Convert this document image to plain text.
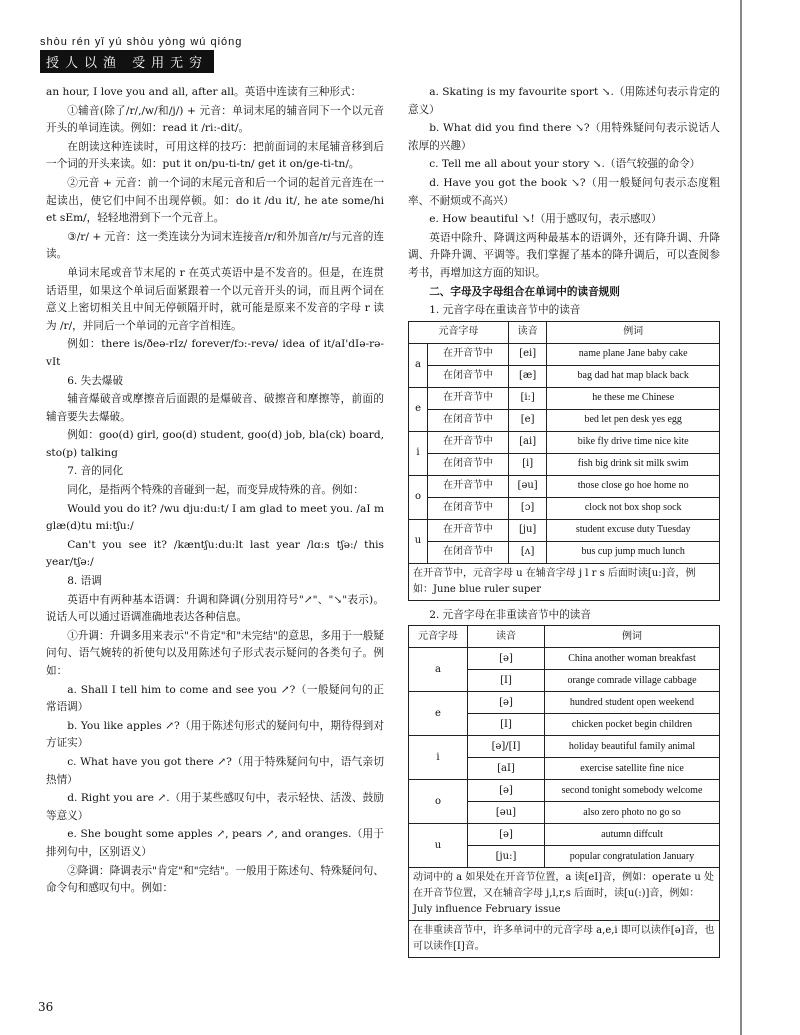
shòu rén yǐ yú shòu yòng wú qióng
授人以渔 受用无穷

an hour, I love you and all, after all。英语中连读有三种形式：

①辅音(除了/r/,/w/和/j/) + 元音：单词末尾的辅音同下一个以元音开头的单词连读。例如：read it /ri:-dit/。

在朗读这种连读时，可用这样的技巧：把前面词的末尾辅音移到后一个词的开头来读。如：put it on/pu-ti-tn/ get it on/ge-ti-tn/。

②元音 + 元音：前一个词的末尾元音和后一个词的起首元音连在一起读出，使它们中间不出现停顿。如：do it /du it/, he ate some/hi et sEm/，轻轻地滑到下一个元音上。

③/r/ + 元音：这一类连读分为词末连接音/r/和外加音/r/与元音的连读。

单词末尾或音节末尾的 r 在英式英语中是不发音的。但是，在连贯话语里，如果这个单词后面紧跟着一个以元音开头的词，而且两个词在意义上密切相关且中间无停顿隔开时，就可能是原来不发音的字母 r 读为 /r/，并同后一个单词的元音字首相连。

例如：there is/ðeə-rIz/ forever/fɔ:-revə/ idea of it/aI'dIə-rə-vIt

6. 失去爆破

辅音爆破音或摩擦音后面跟的是爆破音、破擦音和摩擦等，前面的辅音要失去爆破。

例如：goo(d) girl, goo(d) student, goo(d) job, bla(ck) board, sto(p) talking

7. 音的同化

同化，是指两个特殊的音碰到一起，而变异成特殊的音。例如：

Would you do it? /wu dju:du:t/ I am glad to meet you. /aI m glæ(d)tu mi:tʃu:/

Can't you see it? /kæntʃu:du:lt last year /lɑ:s tʃə:/ this year/tʃə:/

8. 语调

英语中有两种基本语调：升调和降调(分别用符号"↗"、"↘"表示)。说话人可以通过语调准确地表达各种信息。

①升调：升调多用来表示"不肯定"和"未完结"的意思，多用于一般疑问句、语气婉转的祈使句以及用陈述句子形式表示疑问的各类句子。例如：

a. Shall I tell him to come and see you ↗?（一般疑问句的正常语调）

b. You like apples ↗?（用于陈述句形式的疑问句中，期待得到对方证实）

c. What have you got there ↗?（用于特殊疑问句中，语气亲切热情）

d. Right you are ↗.（用于某些感叹句中，表示轻快、活泼、鼓励等意义）

e. She bought some apples ↗, pears ↗, and oranges.（用于排列句中，区别语义）

②降调：降调表示"肯定"和"完结"。一般用于陈述句、特殊疑问句、命令句和感叹句中。例如：

a. Skating is my favourite sport ↘.（用陈述句表示肯定的意义）

b. What did you find there ↘?（用特殊疑问句表示说话人浓厚的兴趣）

c. Tell me all about your story ↘.（语气较强的命令）

d. Have you got the book ↘?（用一般疑问句表示态度粗率、不耐烦或不高兴）

e. How beautiful ↘!（用于感叹句，表示感叹）

英语中除升、降调这两种最基本的语调外，还有降升调、升降调、升降升调、平调等。我们掌握了基本的降升调后，可以查阅参考书，再增加这方面的知识。

二、字母及字母组合在单词中的读音规则

1. 元音字母在重读音节中的读音

元音字母		读音	例词
a	在开音节中	[ei]	name plane Jane baby cake
	在闭音节中	[æ]	bag dad hat map black back
e	在开音节中	[i:]	he these me Chinese
	在闭音节中	[e]	bed let pen desk yes egg
i	在开音节中	[ai]	bike fly drive time nice kite
	在闭音节中	[i]	fish big drink sit milk swim
o	在开音节中	[əu]	those close go hoe home no
	在闭音节中	[ɔ]	clock not box shop sock
u	在开音节中	[ju]	student excuse duty Tuesday
	在闭音节中	[ʌ]	bus cup jump much lunch
在开音节中，元音字母 u 在辅音字母 j l r s 后面时读[u:]音，例如：June blue ruler super

2. 元音字母在非重读音节中的读音

元音字母	读音	例词
a	[ə]	China another woman breakfast
	[I]	orange comrade village cabbage
e	[ə]	hundred student open weekend
	[I]	chicken pocket begin children
i	[ə]/[I]	holiday beautiful family animal
	[aI]	exercise satellite fine nice
o	[ə]	second tonight somebody welcome
	[əu]	also zero photo no go so
u	[ə]	autumn diffcult
	[ju:]	popular congratulation January
动词中的 a 如果处在开音节位置，a 读[eI]音，例如：operate u 处在开音节位置，又在辅音字母 j,l,r,s 后面时，读[u(:)]音，例如：July influence February issue
在非重读音节中，许多单词中的元音字母 a,e,i 即可以读作[ə]音，也可以读作[I]音。
36
